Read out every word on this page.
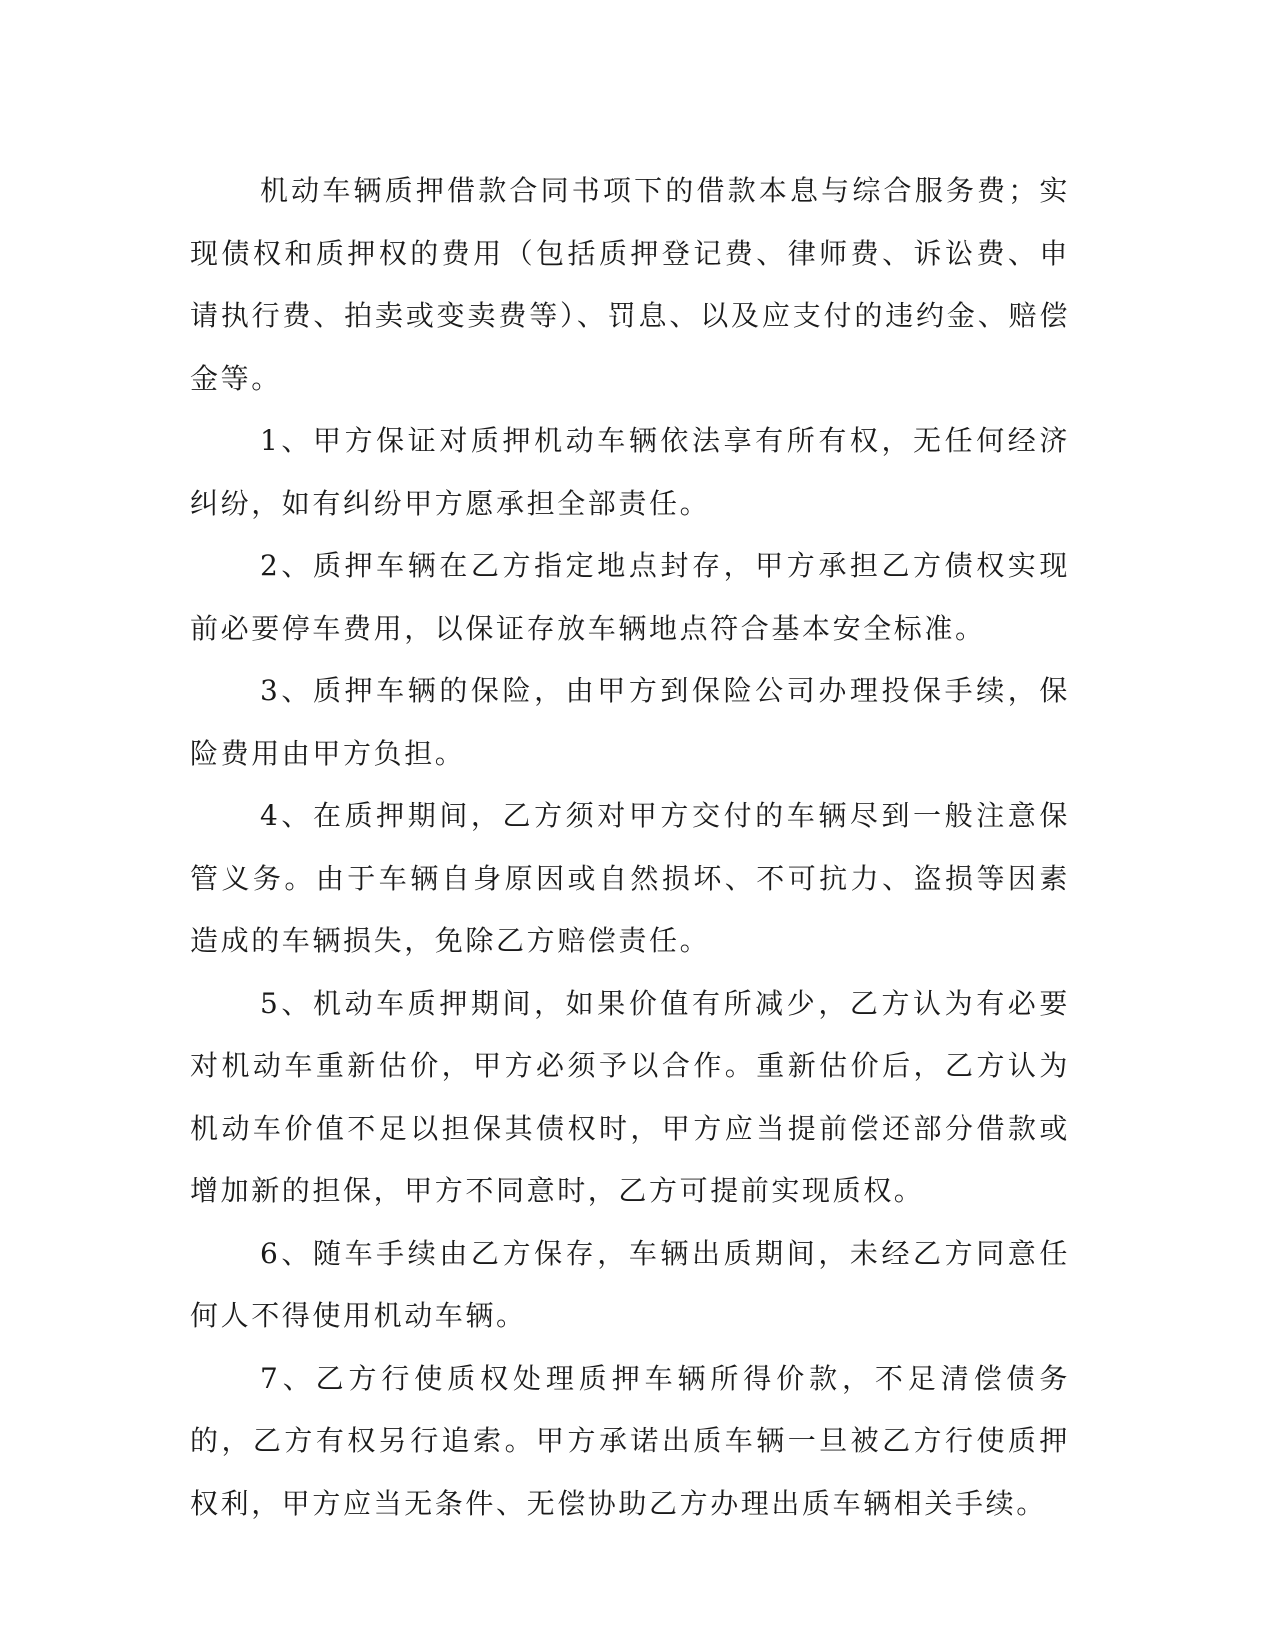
机动车辆质押借款合同书项下的借款本息与综合服务费；实现债权和质押权的费用（包括质押登记费、律师费、诉讼费、申请执行费、拍卖或变卖费等）、罚息、以及应支付的违约金、赔偿金等。

1、甲方保证对质押机动车辆依法享有所有权，无任何经济纠纷，如有纠纷甲方愿承担全部责任。

2、质押车辆在乙方指定地点封存，甲方承担乙方债权实现前必要停车费用，以保证存放车辆地点符合基本安全标准。

3、质押车辆的保险，由甲方到保险公司办理投保手续，保险费用由甲方负担。

4、在质押期间，乙方须对甲方交付的车辆尽到一般注意保管义务。由于车辆自身原因或自然损坏、不可抗力、盗损等因素造成的车辆损失，免除乙方赔偿责任。

5、机动车质押期间，如果价值有所减少，乙方认为有必要对机动车重新估价，甲方必须予以合作。重新估价后，乙方认为机动车价值不足以担保其债权时，甲方应当提前偿还部分借款或增加新的担保，甲方不同意时，乙方可提前实现质权。

6、随车手续由乙方保存，车辆出质期间，未经乙方同意任何人不得使用机动车辆。

7、乙方行使质权处理质押车辆所得价款，不足清偿债务的，乙方有权另行追索。甲方承诺出质车辆一旦被乙方行使质押权利，甲方应当无条件、无偿协助乙方办理出质车辆相关手续。
